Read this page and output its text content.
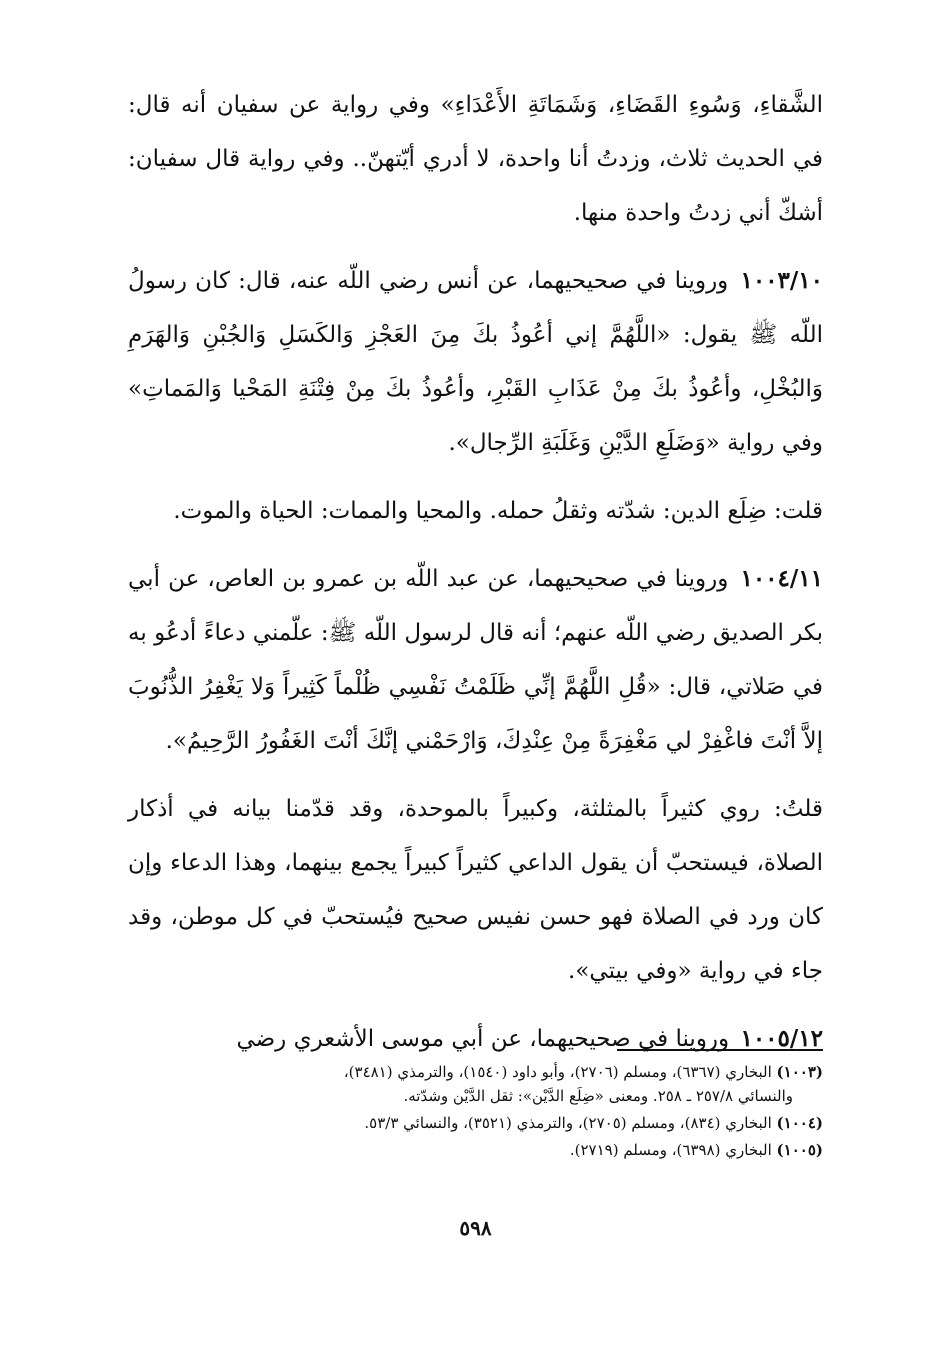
الشَّقاءِ، وَسُوءِ القَضَاءِ، وَشَمَاتَةِ الأَعْدَاءِ» وفي رواية عن سفيان أنه قال: في الحديث ثلاث، وزدتُ أنا واحدة، لا أدري أيّتهنّ.. وفي رواية قال سفيان: أشكّ أني زدتُ واحدة منها.

١٠٠٣/١٠ وروينا في صحيحيهما، عن أنس رضي اللّه عنه، قال: كان رسولُ اللّه ﷺ يقول: «اللَّهُمَّ إني أعُوذُ بكَ مِنَ العَجْزِ وَالكَسَلِ وَالجُبْنِ وَالهَرَمِ وَالبُخْلِ، وأعُوذُ بكَ مِنْ عَذَابِ القَبْرِ، وأعُوذُ بكَ مِنْ فِتْنَةِ المَحْيا وَالمَماتِ» وفي رواية «وَضَلَعِ الدَّيْنِ وَغَلَبَةِ الرِّجال».

قلت: ضِلَع الدين: شدّته وثقلُ حمله. والمحيا والممات: الحياة والموت.

١٠٠٤/١١ وروينا في صحيحيهما، عن عبد اللّه بن عمرو بن العاص، عن أبي بكر الصديق رضي اللّه عنهم؛ أنه قال لرسول اللّه ﷺ: علّمني دعاءً أدعُو به في صَلاتي، قال: «قُلِ اللَّهُمَّ إنِّي ظَلَمْتُ نَفْسِي ظُلْماً كَثِيراً وَلا يَغْفِرُ الذُّنُوبَ إلاَّ أنْتَ فاغْفِرْ لي مَغْفِرَةً مِنْ عِنْدِكَ، وَارْحَمْني إنَّكَ أنْتَ الغَفُورُ الرَّحِيمُ».

قلتُ: روي كثيراً بالمثلثة، وكبيراً بالموحدة، وقد قدّمنا بيانه في أذكار الصلاة، فيستحبّ أن يقول الداعي كثيراً كبيراً يجمع بينهما، وهذا الدعاء وإن كان ورد في الصلاة فهو حسن نفيس صحيح فيُستحبّ في كل موطن، وقد جاء في رواية «وفي بيتي».

١٠٠٥/١٢ وروينا في صحيحيهما، عن أبي موسى الأشعري رضي

(١٠٠٣) البخاري (٦٣٦٧)، ومسلم (٢٧٠٦)، وأبو داود (١٥٤٠)، والترمذي (٣٤٨١)،
والنسائي ٢٥٧/٨ ـ ٢٥٨. ومعنى «ضِلَع الدَّيْن»: ثقل الدَّيْن وشدّته.

(١٠٠٤) البخاري (٨٣٤)، ومسلم (٢٧٠٥)، والترمذي (٣٥٢١)، والنسائي ٥٣/٣.

(١٠٠٥) البخاري (٦٣٩٨)، ومسلم (٢٧١٩).

٥٩٨
